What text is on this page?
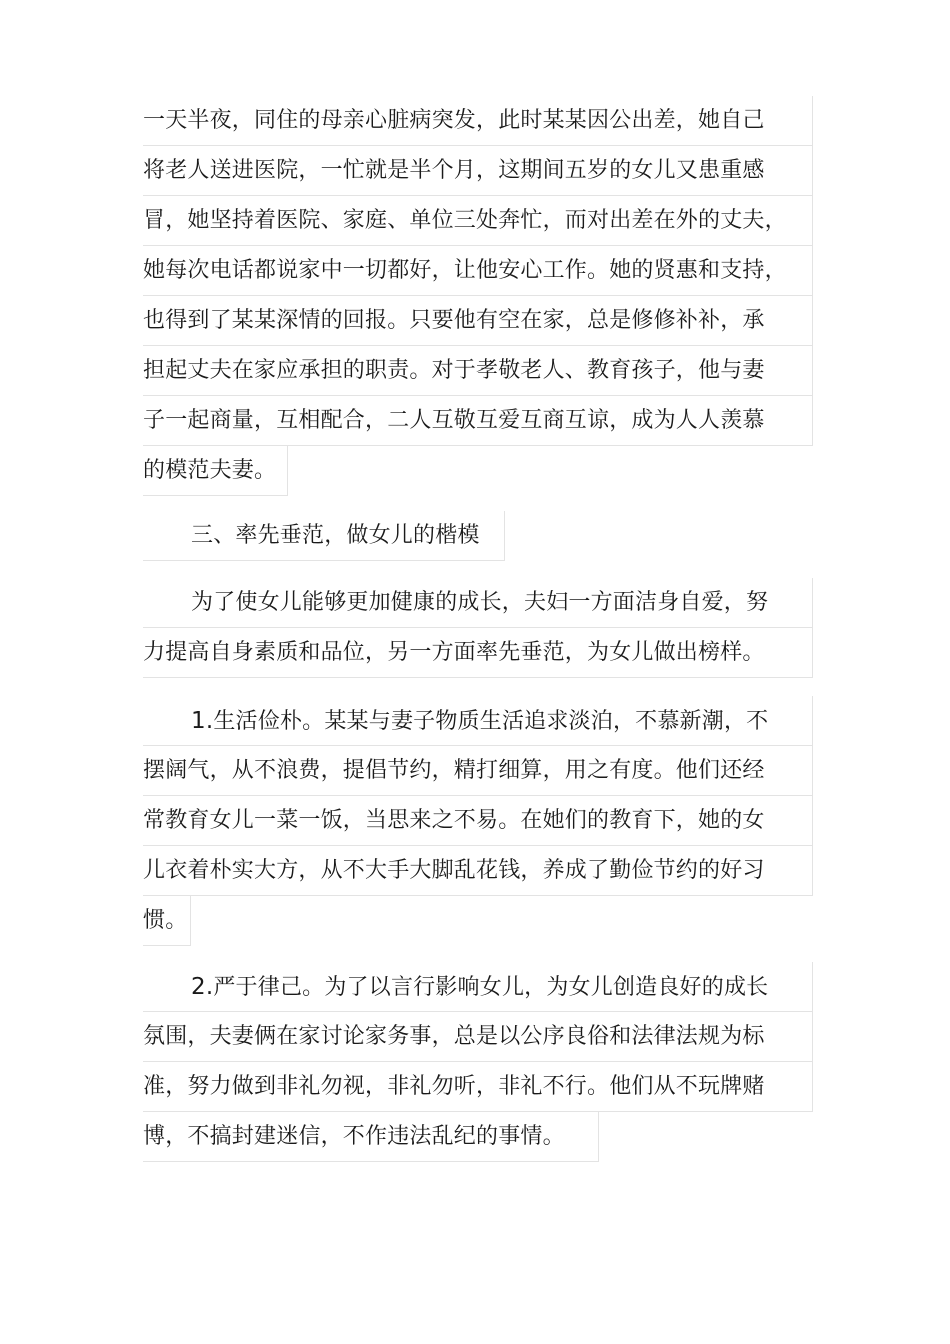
一天半夜，同住的母亲心脏病突发，此时某某因公出差，她自己
将老人送进医院，一忙就是半个月，这期间五岁的女儿又患重感
冒，她坚持着医院、家庭、单位三处奔忙，而对出差在外的丈夫，
她每次电话都说家中一切都好，让他安心工作。她的贤惠和支持，
也得到了某某深情的回报。只要他有空在家，总是修修补补，承
担起丈夫在家应承担的职责。对于孝敬老人、教育孩子，他与妻
子一起商量，互相配合，二人互敬互爱互商互谅，成为人人羡慕
的模范夫妻。
三、率先垂范，做女儿的楷模
为了使女儿能够更加健康的成长，夫妇一方面洁身自爱，努
力提高自身素质和品位，另一方面率先垂范，为女儿做出榜样。
1.生活俭朴。某某与妻子物质生活追求淡泊，不慕新潮，不
摆阔气，从不浪费，提倡节约，精打细算，用之有度。他们还经
常教育女儿一菜一饭，当思来之不易。在她们的教育下，她的女
儿衣着朴实大方，从不大手大脚乱花钱，养成了勤俭节约的好习
惯。
2.严于律己。为了以言行影响女儿，为女儿创造良好的成长
氛围，夫妻俩在家讨论家务事，总是以公序良俗和法律法规为标
准，努力做到非礼勿视，非礼勿听，非礼不行。他们从不玩牌赌
博，不搞封建迷信，不作违法乱纪的事情。
